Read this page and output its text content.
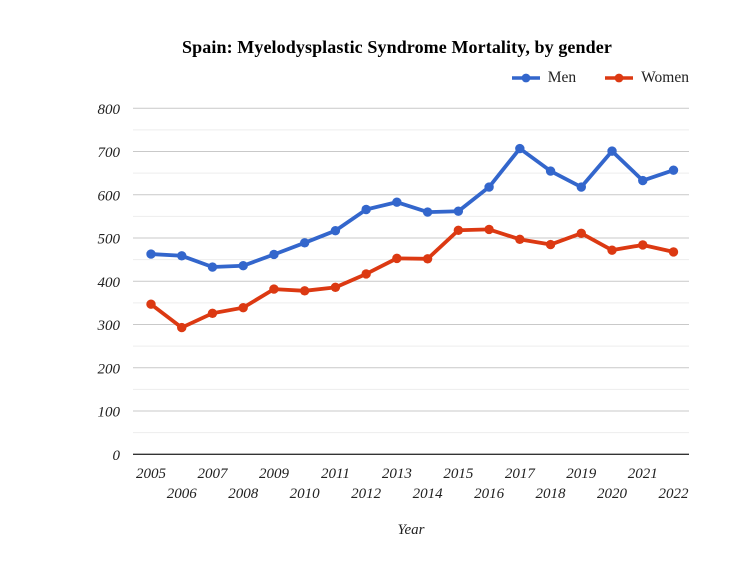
Spain: Myelodysplastic Syndrome Mortality, by gender
Men	Women
0
100
200
300
400
500
600
700
800
2005
2006
2007
2008
2009
2010
2011
2012
2013
2014
2015
2016
2017
2018
2019
2020
2021
2022
Year
